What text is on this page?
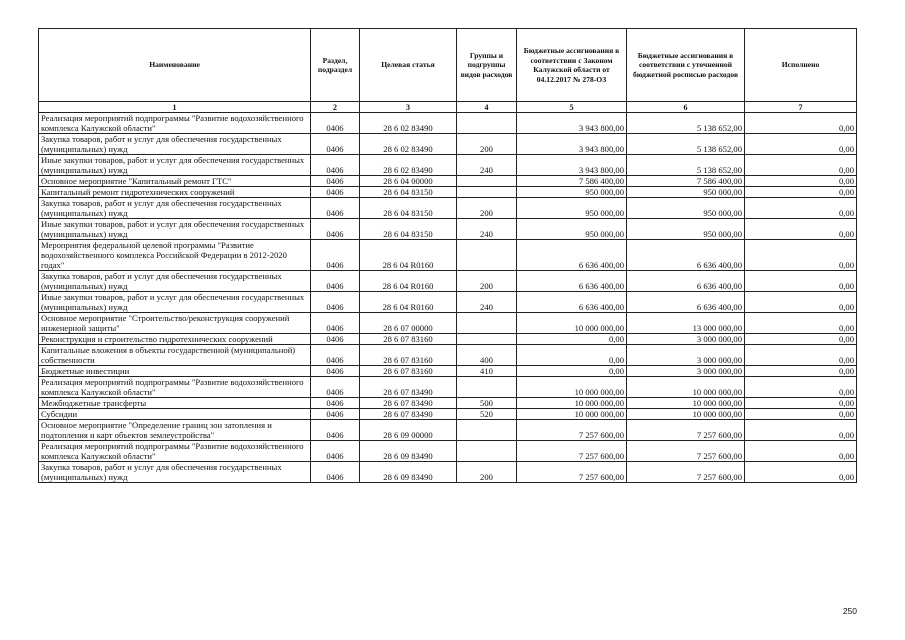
Наименование	Раздел, подраздел	Целевая статья	Группы и подгруппы видов расходов	Бюджетные ассигнования в соответствии с Законом Калужской области от 04.12.2017 № 278-ОЗ	Бюджетные ассигнования в соответствии с уточненной бюджетной росписью расходов	Исполнено
1	2	3	4	5	6	7
Реализация мероприятий подпрограммы "Развитие водохозяйственного комплекса Калужской области"	0406	28 6 02 83490		3 943 800,00	5 138 652,00	0,00
Закупка товаров, работ и услуг для обеспечения государственных (муниципальных) нужд	0406	28 6 02 83490	200	3 943 800,00	5 138 652,00	0,00
Иные закупки товаров, работ и услуг для обеспечения государственных (муниципальных) нужд	0406	28 6 02 83490	240	3 943 800,00	5 138 652,00	0,00
Основное мероприятие "Капитальный ремонт ГТС"	0406	28 6 04 00000		7 586 400,00	7 586 400,00	0,00
Капитальный ремонт гидротехнических сооружений	0406	28 6 04 83150		950 000,00	950 000,00	0,00
Закупка товаров, работ и услуг для обеспечения государственных (муниципальных) нужд	0406	28 6 04 83150	200	950 000,00	950 000,00	0,00
Иные закупки товаров, работ и услуг для обеспечения государственных (муниципальных) нужд	0406	28 6 04 83150	240	950 000,00	950 000,00	0,00
Мероприятия федеральной целевой программы "Развитие водохозяйственного комплекса Российской Федерации в 2012-2020 годах"	0406	28 6 04 R0160		6 636 400,00	6 636 400,00	0,00
Закупка товаров, работ и услуг для обеспечения государственных (муниципальных) нужд	0406	28 6 04 R0160	200	6 636 400,00	6 636 400,00	0,00
Иные закупки товаров, работ и услуг для обеспечения государственных (муниципальных) нужд	0406	28 6 04 R0160	240	6 636 400,00	6 636 400,00	0,00
Основное мероприятие "Строительство/реконструкция сооружений инженерной защиты"	0406	28 6 07 00000		10 000 000,00	13 000 000,00	0,00
Реконструкция и строительство гидротехнических сооружений	0406	28 6 07 83160		0,00	3 000 000,00	0,00
Капитальные вложения в объекты государственной (муниципальной) собственности	0406	28 6 07 83160	400	0,00	3 000 000,00	0,00
Бюджетные инвестиции	0406	28 6 07 83160	410	0,00	3 000 000,00	0,00
Реализация мероприятий подпрограммы "Развитие водохозяйственного комплекса Калужской области"	0406	28 6 07 83490		10 000 000,00	10 000 000,00	0,00
Межбюджетные трансферты	0406	28 6 07 83490	500	10 000 000,00	10 000 000,00	0,00
Субсидии	0406	28 6 07 83490	520	10 000 000,00	10 000 000,00	0,00
Основное мероприятие "Определение границ зон затопления и подтопления и карт объектов землеустройства"	0406	28 6 09 00000		7 257 600,00	7 257 600,00	0,00
Реализация мероприятий подпрограммы "Развитие водохозяйственного комплекса Калужской области"	0406	28 6 09 83490		7 257 600,00	7 257 600,00	0,00
Закупка товаров, работ и услуг для обеспечения государственных (муниципальных) нужд	0406	28 6 09 83490	200	7 257 600,00	7 257 600,00	0,00
250
